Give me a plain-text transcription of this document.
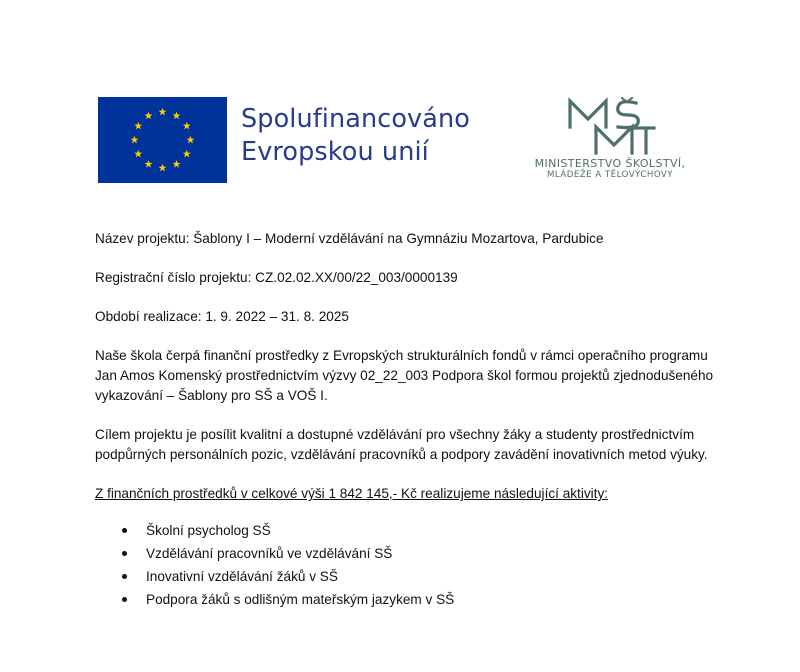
Spolufinancováno
Evropskou unií	MINISTERSTVO ŠKOLSTVÍ,
MLÁDEŽE A TĚLOVÝCHOVY

Název projektu: Šablony I – Moderní vzdělávání na Gymnáziu Mozartova, Pardubice

Registrační číslo projektu: CZ.02.02.XX/00/22_003/0000139

Období realizace: 1. 9. 2022 – 31. 8. 2025

Naše škola čerpá finanční prostředky z Evropských strukturálních fondů v rámci operačního programu Jan Amos Komenský prostřednictvím výzvy 02_22_003 Podpora škol formou projektů zjednodušeného vykazování – Šablony pro SŠ a VOŠ I.

Cílem projektu je posílit kvalitní a dostupné vzdělávání pro všechny žáky a studenty prostřednictvím podpůrných personálních pozic, vzdělávání pracovníků a podpory zavádění inovativních metod výuky.

Z finančních prostředků v celkové výši 1 842 145,- Kč realizujeme následující aktivity:

Školní psycholog SŠ
Vzdělávání pracovníků ve vzdělávání SŠ
Inovativní vzdělávání žáků v SŠ
Podpora žáků s odlišným mateřským jazykem v SŠ
